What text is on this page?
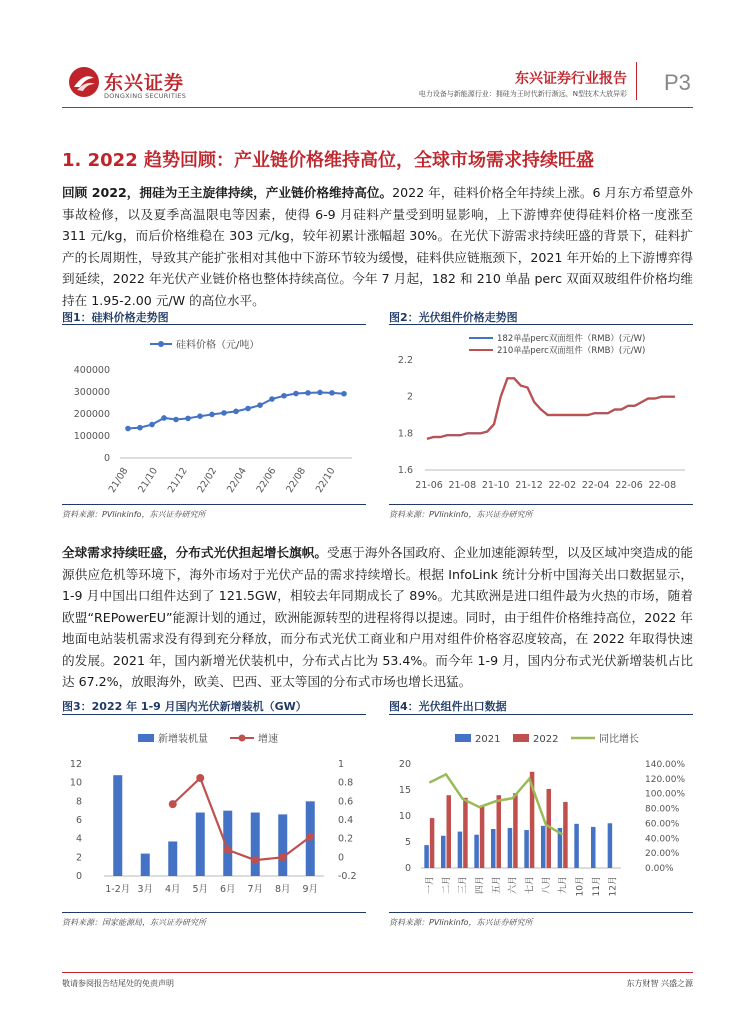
东兴证券
DONGXING SECURITIES
东兴证券行业报告
电力设备与新能源行业：拥硅为王时代新行渐远，N型技术大放异彩 P3
1. 2022 趋势回顾：产业链价格维持高位，全球市场需求持续旺盛
回顾 2022，拥硅为王主旋律持续，产业链价格维持高位。2022 年，硅料价格全年持续上涨。6 月东方希望意外事故检修，以及夏季高温限电等因素，使得 6-9 月硅料产量受到明显影响，上下游博弈使得硅料价格一度涨至 311 元/kg，而后价格维稳在 303 元/kg，较年初累计涨幅超 30%。在光伏下游需求持续旺盛的背景下，硅料扩产的长周期性，导致其产能扩张相对其他中下游环节较为缓慢，硅料供应链瓶颈下，2021 年开始的上下游博弈得到延续，2022 年光伏产业链价格也整体持续高位。今年 7 月起，182 和 210 单晶 perc 双面双玻组件价格均维持在 1.95-2.00 元/W 的高位水平。
图1：硅料价格走势图
硅料价格（元/吨）
0
100000
200000
300000
400000
21/08 21/10 21/12 22/02 22/04 22/06 22/08 22/10
资料来源：PVlinkinfo，东兴证券研究所
图2：光伏组件价格走势图
182单晶perc双面组件（RMB）(元/W)
210单晶perc双面组件（RMB）(元/W)
1.6
1.8
2
2.2
21-06 21-08 21-10 21-12 22-02 22-04 22-06 22-08
资料来源：PVlinkinfo，东兴证券研究所
全球需求持续旺盛，分布式光伏担起增长旗帜。受惠于海外各国政府、企业加速能源转型，以及区域冲突造成的能源供应危机等环境下，海外市场对于光伏产品的需求持续增长。根据 InfoLink 统计分析中国海关出口数据显示，1-9 月中国出口组件达到了 121.5GW，相较去年同期成长了 89%。尤其欧洲是进口组件最为火热的市场，随着欧盟“REPowerEU”能源计划的通过，欧洲能源转型的进程将得以提速。同时，由于组件价格维持高位，2022 年地面电站装机需求没有得到充分释放，而分布式光伏工商业和户用对组件价格容忍度较高，在 2022 年取得快速的发展。2021 年，国内新增光伏装机中，分布式占比为 53.4%。而今年 1-9 月，国内分布式光伏新增装机占比达 67.2%，放眼海外，欧美、巴西、亚太等国的分布式市场也增长迅猛。
图3：2022 年 1-9 月国内光伏新增装机（GW）
新增装机量	增速
0
2
4
6
8
10
12
-0.2
0
0.2
0.4
0.6
0.8
1
1-2月 3月 4月 5月 6月 7月 8月 9月
资料来源：国家能源局，东兴证券研究所
图4：光伏组件出口数据
2021	2022	同比增长
0
5
10
15
20
0.00%
20.00%
40.00%
60.00%
80.00%
100.00%
120.00%
140.00%
一月 二月 三月 四月 五月 六月 七月 八月 九月 10月 11月 12月
资料来源：PVlinkinfo，东兴证券研究所
敬请参阅报告结尾处的免责声明	东方财智 兴盛之源
